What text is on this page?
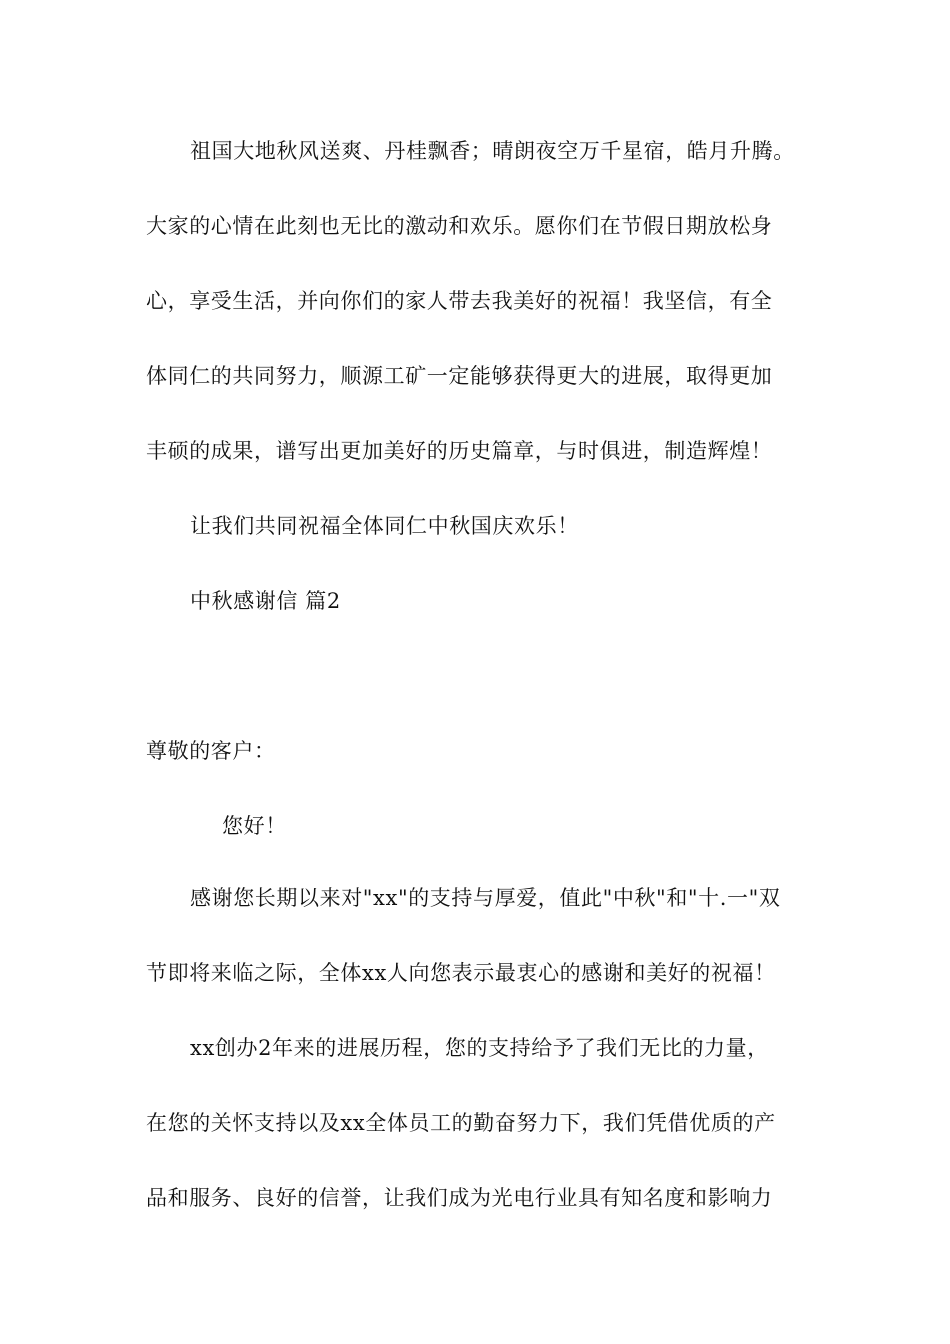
祖国大地秋风送爽、丹桂飘香；晴朗夜空万千星宿，皓月升腾。
大家的心情在此刻也无比的激动和欢乐。愿你们在节假日期放松身
心，享受生活，并向你们的家人带去我美好的祝福！我坚信，有全
体同仁的共同努力，顺源工矿一定能够获得更大的进展，取得更加
丰硕的成果，谱写出更加美好的历史篇章，与时俱进，制造辉煌！
让我们共同祝福全体同仁中秋国庆欢乐！
中秋感谢信 篇2
尊敬的客户：
您好！
感谢您长期以来对"xx"的支持与厚爱，值此"中秋"和"十.一"双
节即将来临之际，全体xx人向您表示最衷心的感谢和美好的祝福！
xx创办2年来的进展历程，您的支持给予了我们无比的力量，
在您的关怀支持以及xx全体员工的勤奋努力下，我们凭借优质的产
品和服务、良好的信誉，让我们成为光电行业具有知名度和影响力
